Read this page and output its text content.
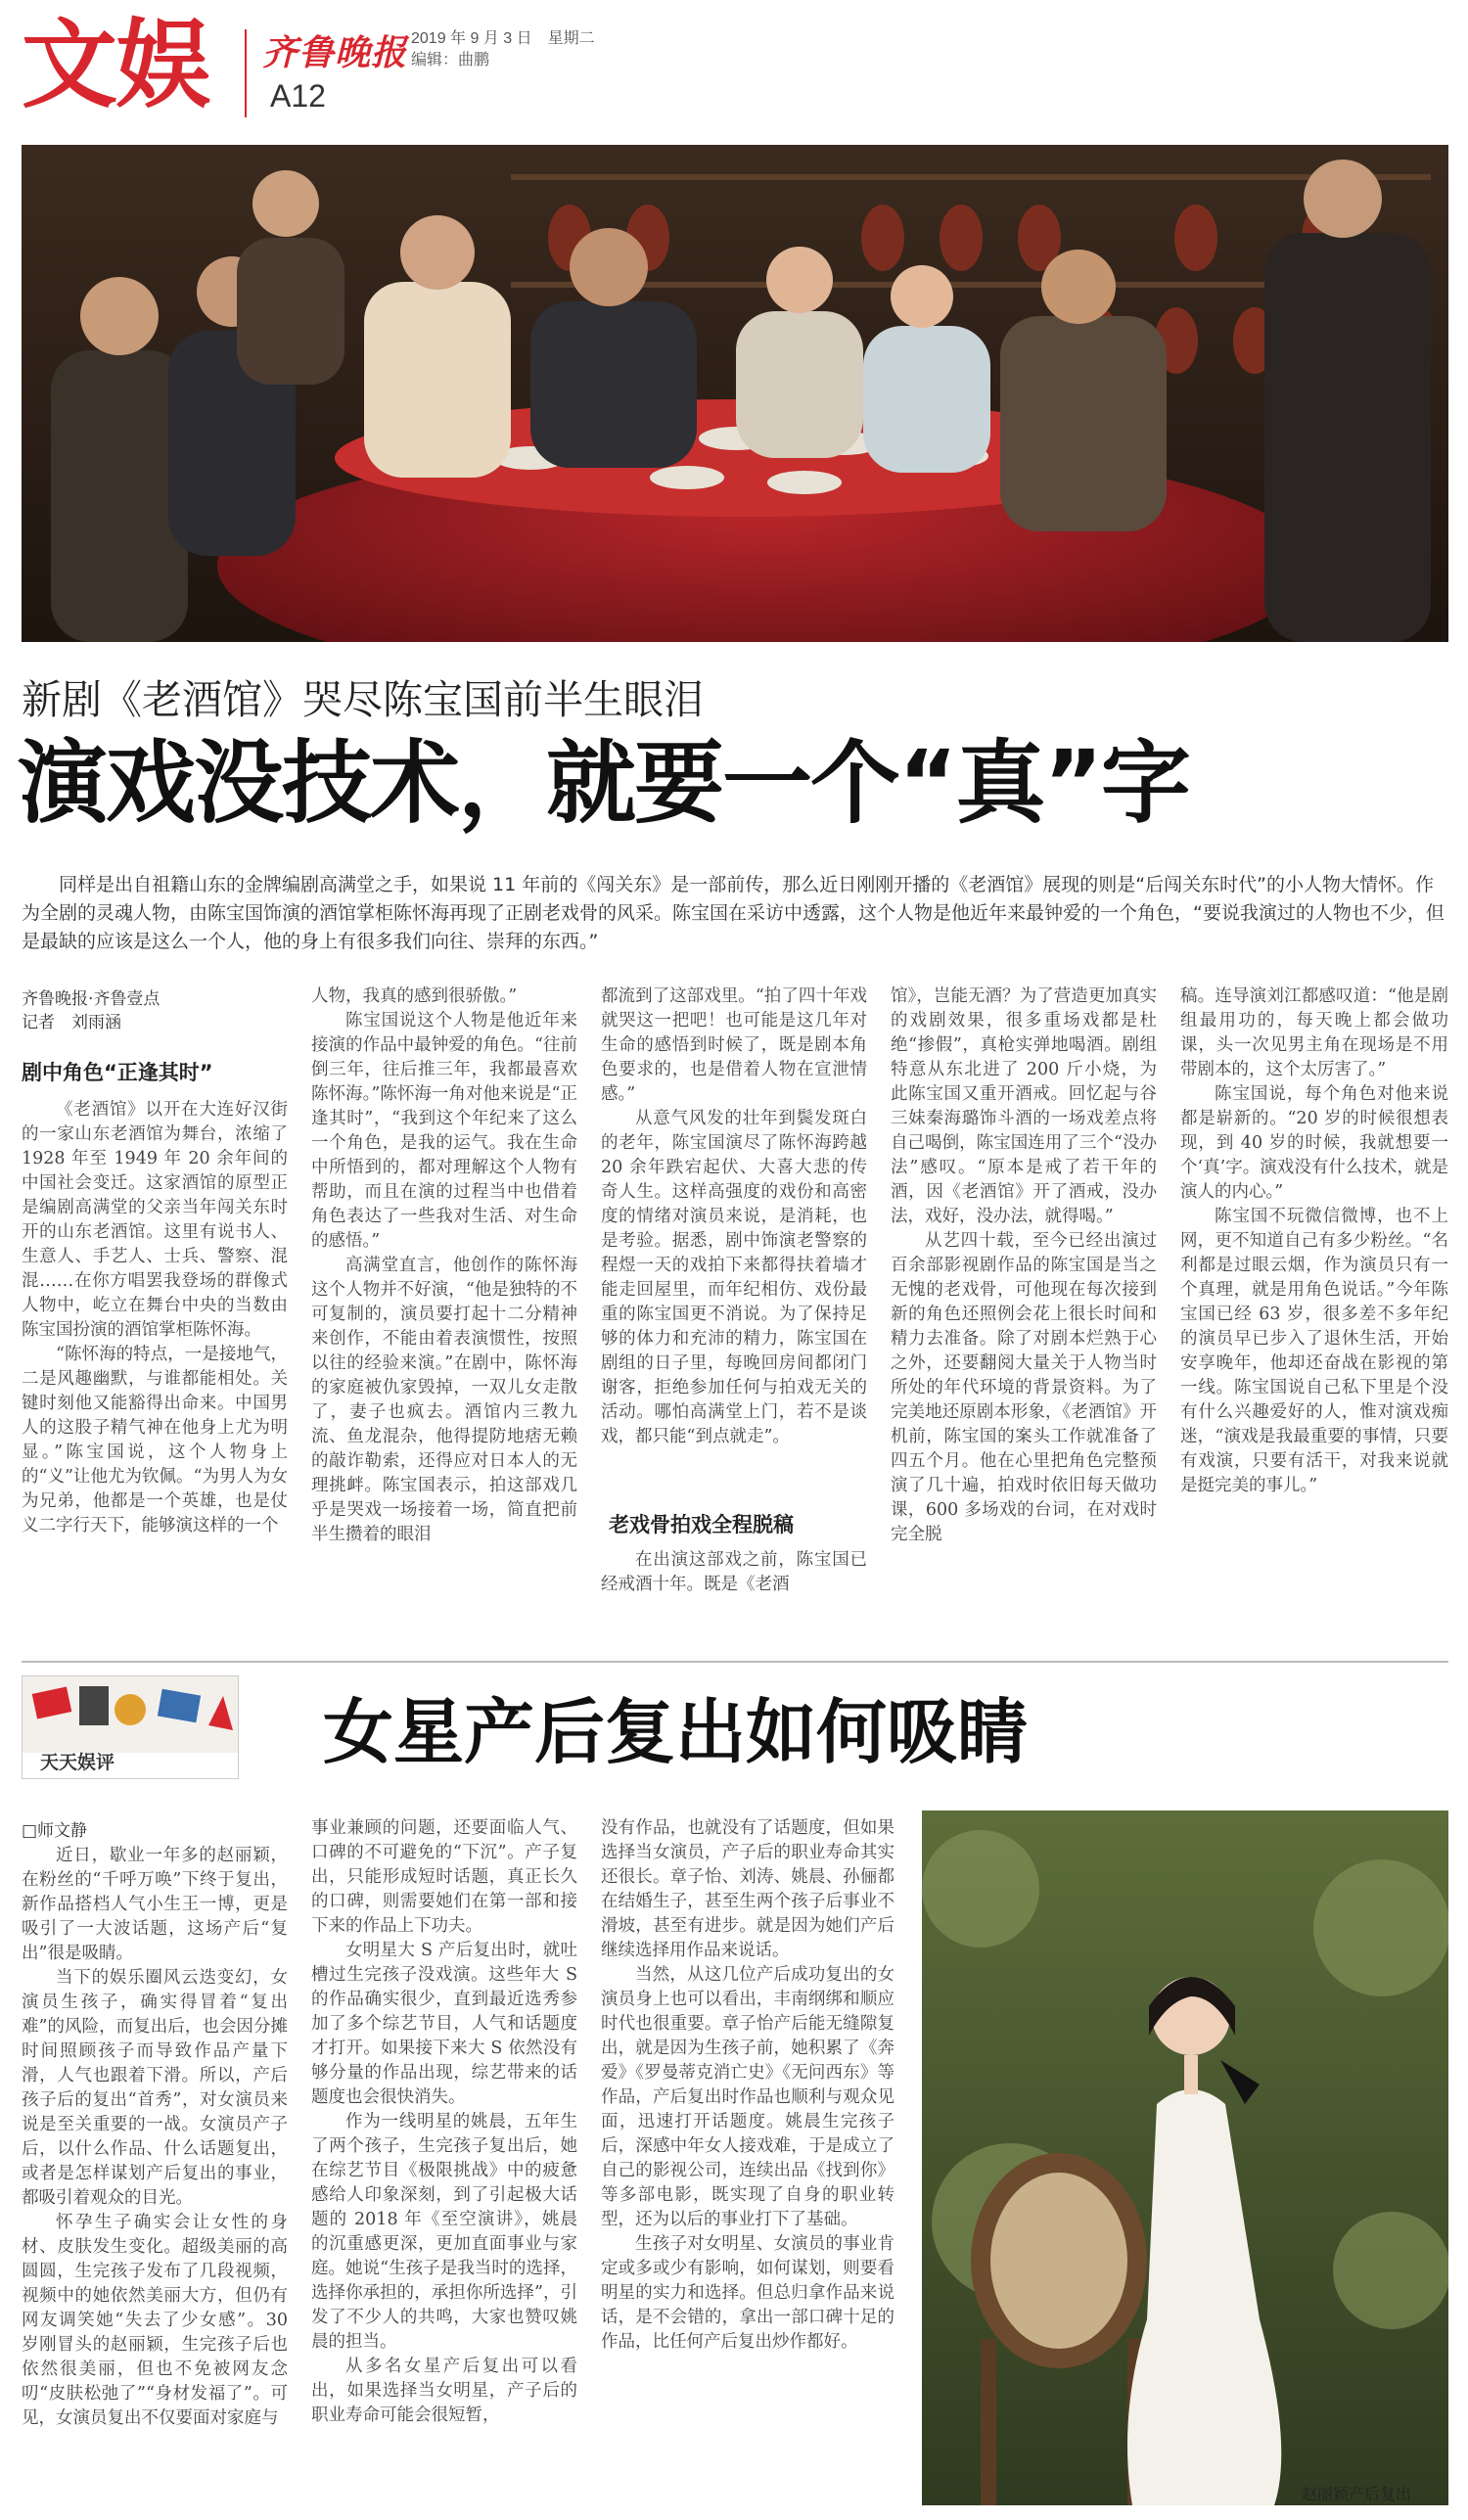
文娱 齐鲁晚报
A12
2019 年 9 月 3 日　星期二
编辑：曲鹏
新剧《老酒馆》哭尽陈宝国前半生眼泪
演戏没技术，就要一个“真”字
同样是出自祖籍山东的金牌编剧高满堂之手，如果说 11 年前的《闯关东》是一部前传，那么近日刚刚开播的《老酒馆》展现的则是“后闯关东时代”的小人物大情怀。作为全剧的灵魂人物，由陈宝国饰演的酒馆掌柜陈怀海再现了正剧老戏骨的风采。陈宝国在采访中透露，这个人物是他近年来最钟爱的一个角色，“要说我演过的人物也不少，但是最缺的应该是这么一个人，他的身上有很多我们向往、崇拜的东西。”
齐鲁晚报·齐鲁壹点
记者　刘雨涵
剧中角色“正逢其时”

《老酒馆》以开在大连好汉街的一家山东老酒馆为舞台，浓缩了 1928 年至 1949 年 20 余年间的中国社会变迁。这家酒馆的原型正是编剧高满堂的父亲当年闯关东时开的山东老酒馆。这里有说书人、生意人、手艺人、士兵、警察、混混……在你方唱罢我登场的群像式人物中，屹立在舞台中央的当数由陈宝国扮演的酒馆掌柜陈怀海。

“陈怀海的特点，一是接地气，二是风趣幽默，与谁都能相处。关键时刻他又能豁得出命来。中国男人的这股子精气神在他身上尤为明显。”陈宝国说，这个人物身上的“义”让他尤为钦佩。“为男人为女为兄弟，他都是一个英雄，也是仗义二字行天下，能够演这样的一个

人物，我真的感到很骄傲。”

陈宝国说这个人物是他近年来接演的作品中最钟爱的角色。“往前倒三年，往后推三年，我都最喜欢陈怀海。”陈怀海一角对他来说是“正逢其时”，“我到这个年纪来了这么一个角色，是我的运气。我在生命中所悟到的，都对理解这个人物有帮助，而且在演的过程当中也借着角色表达了一些我对生活、对生命的感悟。”

高满堂直言，他创作的陈怀海这个人物并不好演，“他是独特的不可复制的，演员要打起十二分精神来创作，不能由着表演惯性，按照以往的经验来演。”在剧中，陈怀海的家庭被仇家毁掉，一双儿女走散了，妻子也疯去。酒馆内三教九流、鱼龙混杂，他得提防地痞无赖的敲诈勒索，还得应对日本人的无理挑衅。陈宝国表示，拍这部戏几乎是哭戏一场接着一场，简直把前半生攒着的眼泪

都流到了这部戏里。“拍了四十年戏就哭这一把吧！也可能是这几年对生命的感悟到时候了，既是剧本角色要求的，也是借着人物在宣泄情感。”

从意气风发的壮年到鬓发斑白的老年，陈宝国演尽了陈怀海跨越 20 余年跌宕起伏、大喜大悲的传奇人生。这样高强度的戏份和高密度的情绪对演员来说，是消耗，也是考验。据悉，剧中饰演老警察的程煜一天的戏拍下来都得扶着墙才能走回屋里，而年纪相仿、戏份最重的陈宝国更不消说。为了保持足够的体力和充沛的精力，陈宝国在剧组的日子里，每晚回房间都闭门谢客，拒绝参加任何与拍戏无关的活动。哪怕高满堂上门，若不是谈戏，都只能“到点就走”。

老戏骨拍戏全程脱稿

在出演这部戏之前，陈宝国已经戒酒十年。既是《老酒

馆》，岂能无酒？为了营造更加真实的戏剧效果，很多重场戏都是杜绝“掺假”，真枪实弹地喝酒。剧组特意从东北进了 200 斤小烧，为此陈宝国又重开酒戒。回忆起与谷三妹秦海璐饰斗酒的一场戏差点将自己喝倒，陈宝国连用了三个“没办法”感叹。“原本是戒了若干年的酒，因《老酒馆》开了酒戒，没办法，戏好，没办法，就得喝。”

从艺四十载，至今已经出演过百余部影视剧作品的陈宝国是当之无愧的老戏骨，可他现在每次接到新的角色还照例会花上很长时间和精力去准备。除了对剧本烂熟于心之外，还要翻阅大量关于人物当时所处的年代环境的背景资料。为了完美地还原剧本形象，《老酒馆》开机前，陈宝国的案头工作就准备了四五个月。他在心里把角色完整预演了几十遍，拍戏时依旧每天做功课，600 多场戏的台词，在对戏时完全脱

稿。连导演刘江都感叹道：“他是剧组最用功的，每天晚上都会做功课，头一次见男主角在现场是不用带剧本的，这个太厉害了。”

陈宝国说，每个角色对他来说都是崭新的。“20 岁的时候很想表现，到 40 岁的时候，我就想要一个‘真’字。演戏没有什么技术，就是演人的内心。”

陈宝国不玩微信微博，也不上网，更不知道自己有多少粉丝。“名利都是过眼云烟，作为演员只有一个真理，就是用角色说话。”今年陈宝国已经 63 岁，很多差不多年纪的演员早已步入了退休生活，开始安享晚年，他却还奋战在影视的第一线。陈宝国说自己私下里是个没有什么兴趣爱好的人，惟对演戏痴迷，“演戏是我最重要的事情，只要有戏演，只要有活干，对我来说就是挺完美的事儿。”

天天娱评	女星产后复出如何吸睛
□师文静

近日，歇业一年多的赵丽颖，在粉丝的“千呼万唤”下终于复出，新作品搭档人气小生王一博，更是吸引了一大波话题，这场产后“复出”很是吸睛。

当下的娱乐圈风云迭变幻，女演员生孩子，确实得冒着“复出难”的风险，而复出后，也会因分摊时间照顾孩子而导致作品产量下滑，人气也跟着下滑。所以，产后孩子后的复出“首秀”，对女演员来说是至关重要的一战。女演员产子后，以什么作品、什么话题复出，或者是怎样谋划产后复出的事业，都吸引着观众的目光。

怀孕生子确实会让女性的身材、皮肤发生变化。超级美丽的高圆圆，生完孩子发布了几段视频，视频中的她依然美丽大方，但仍有网友调笑她“失去了少女感”。30 岁刚冒头的赵丽颖，生完孩子后也依然很美丽，但也不免被网友念叨“皮肤松弛了”“身材发福了”。可见，女演员复出不仅要面对家庭与

事业兼顾的问题，还要面临人气、口碑的不可避免的“下沉”。产子复出，只能形成短时话题，真正长久的口碑，则需要她们在第一部和接下来的作品上下功夫。

女明星大 S 产后复出时，就吐槽过生完孩子没戏演。这些年大 S 的作品确实很少，直到最近选秀参加了多个综艺节目，人气和话题度才打开。如果接下来大 S 依然没有够分量的作品出现，综艺带来的话题度也会很快消失。

作为一线明星的姚晨，五年生了两个孩子，生完孩子复出后，她在综艺节目《极限挑战》中的疲惫感给人印象深刻，到了引起极大话题的 2018 年《至空演讲》，姚晨的沉重感更深，更加直面事业与家庭。她说“生孩子是我当时的选择，选择你承担的，承担你所选择”，引发了不少人的共鸣，大家也赞叹姚晨的担当。

从多名女星产后复出可以看出，如果选择当女明星，产子后的职业寿命可能会很短暂，

没有作品，也就没有了话题度，但如果选择当女演员，产子后的职业寿命其实还很长。章子怡、刘涛、姚晨、孙俪都在结婚生子，甚至生两个孩子后事业不滑坡，甚至有进步。就是因为她们产后继续选择用作品来说话。

当然，从这几位产后成功复出的女演员身上也可以看出，丰南纲绑和顺应时代也很重要。章子怡产后能无缝隙复出，就是因为生孩子前，她积累了《奔爱》《罗曼蒂克消亡史》《无问西东》等作品，产后复出时作品也顺利与观众见面，迅速打开话题度。姚晨生完孩子后，深感中年女人接戏难，于是成立了自己的影视公司，连续出品《找到你》等多部电影，既实现了自身的职业转型，还为以后的事业打下了基础。

生孩子对女明星、女演员的事业肯定或多或少有影响，如何谋划，则要看明星的实力和选择。但总归拿作品来说话，是不会错的，拿出一部口碑十足的作品，比任何产后复出炒作都好。

赵丽颖产后复出
